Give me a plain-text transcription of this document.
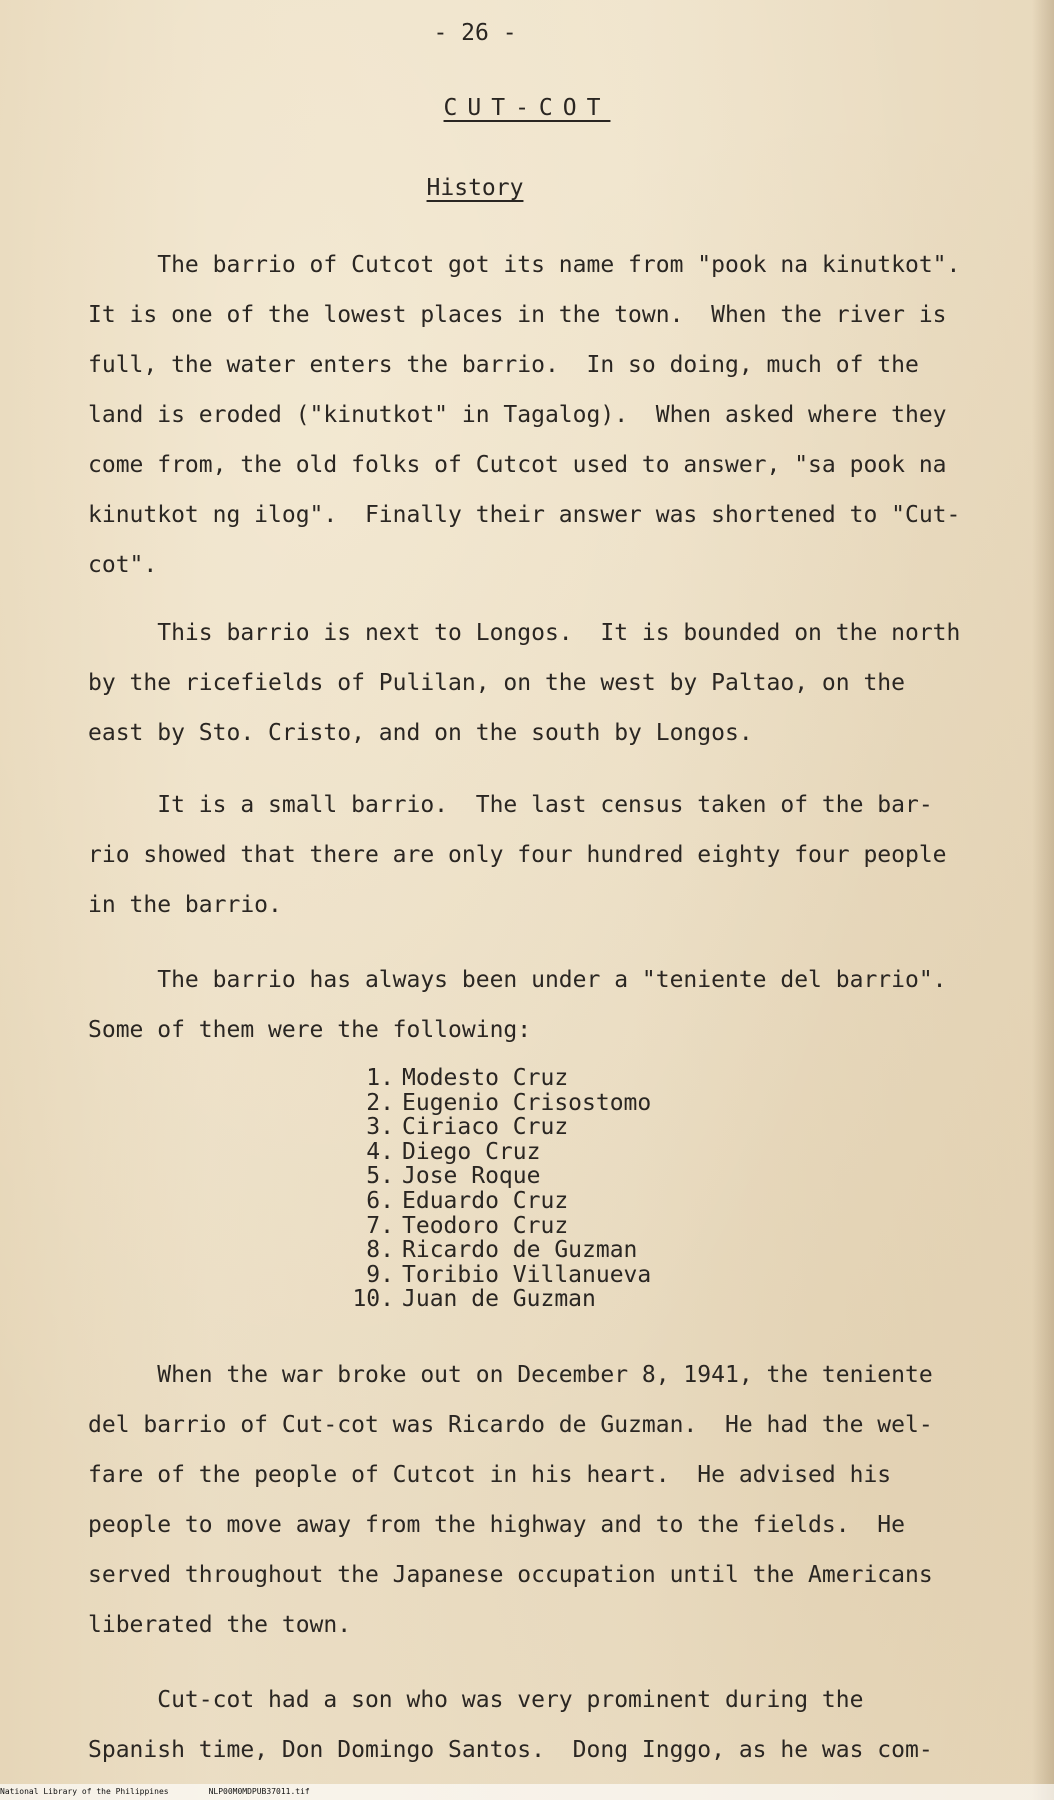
- 26 -
CUT-COT
History
The barrio of Cutcot got its name from "pook na kinutkot".
It is one of the lowest places in the town.  When the river is
full, the water enters the barrio.  In so doing, much of the
land is eroded ("kinutkot" in Tagalog).  When asked where they
come from, the old folks of Cutcot used to answer, "sa pook na
kinutkot ng ilog".  Finally their answer was shortened to "Cut-
cot".
This barrio is next to Longos.  It is bounded on the north
by the ricefields of Pulilan, on the west by Paltao, on the
east by Sto. Cristo, and on the south by Longos.
It is a small barrio.  The last census taken of the bar-
rio showed that there are only four hundred eighty four people
in the barrio.
The barrio has always been under a "teniente del barrio".
Some of them were the following:
1. Modesto Cruz
2. Eugenio Crisostomo
3. Ciriaco Cruz
4. Diego Cruz
5. Jose Roque
6. Eduardo Cruz
7. Teodoro Cruz
8. Ricardo de Guzman
9. Toribio Villanueva
10. Juan de Guzman
When the war broke out on December 8, 1941, the teniente
del barrio of Cut-cot was Ricardo de Guzman.  He had the wel-
fare of the people of Cutcot in his heart.  He advised his
people to move away from the highway and to the fields.  He
served throughout the Japanese occupation until the Americans
liberated the town.
Cut-cot had a son who was very prominent during the
Spanish time, Don Domingo Santos.  Dong Inggo, as he was com-
National Library of the Philippines	NLP00M0MDPUB37011.tif
